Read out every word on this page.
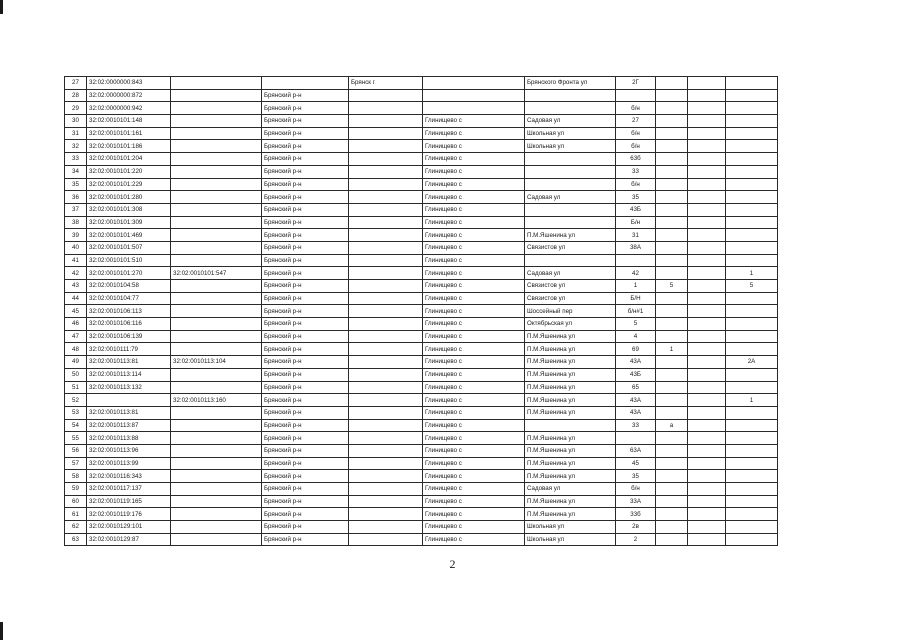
27	32:02:0000000:843			Брянск г		Брянского Фронта ул	2Г			
28	32:02:0000000:872		Брянский р-н							
29	32:02:0000000:942		Брянский р-н				б/н			
30	32:02:0010101:148		Брянский р-н		Глинищево с	Садовая ул	27			
31	32:02:0010101:161		Брянский р-н		Глинищево с	Школьная ул	б/н			
32	32:02:0010101:186		Брянский р-н		Глинищево с	Школьная ул	б/н			
33	32:02:0010101:204		Брянский р-н		Глинищево с		63б			
34	32:02:0010101:220		Брянский р-н		Глинищево с		33			
35	32:02:0010101:229		Брянский р-н		Глинищево с		б/н			
36	32:02:0010101:280		Брянский р-н		Глинищево с	Садовая ул	35			
37	32:02:0010101:308		Брянский р-н		Глинищево с		43Б			
38	32:02:0010101:309		Брянский р-н		Глинищево с		Б/н			
39	32:02:0010101:469		Брянский р-н		Глинищево с	П.М.Яшенина ул	31			
40	32:02:0010101:507		Брянский р-н		Глинищево с	Связистов ул	38А			
41	32:02:0010101:510		Брянский р-н		Глинищево с					
42	32:02:0010101:270	32:02:0010101:547	Брянский р-н		Глинищево с	Садовая ул	42			1
43	32:02:0010104:58		Брянский р-н		Глинищево с	Связистов ул	1	5		5
44	32:02:0010104:77		Брянский р-н		Глинищево с	Связистов ул	Б/Н			
45	32:02:0010106:113		Брянский р-н		Глинищево с	Шоссейный пер	б/н#1			
46	32:02:0010106:116		Брянский р-н		Глинищево с	Октябрьская ул	5			
47	32:02:0010106:139		Брянский р-н		Глинищево с	П.М.Яшенина ул	4			
48	32:02:0010111:79		Брянский р-н		Глинищево с	П.М.Яшенина ул	69	1		
49	32:02:0010113:81	32:02:0010113:104	Брянский р-н		Глинищево с	П.М.Яшенина ул	43А			2А
50	32:02:0010113:114		Брянский р-н		Глинищево с	П.М.Яшенина ул	43Б			
51	32:02:0010113:132		Брянский р-н		Глинищево с	П.М.Яшенина ул	65			
52		32:02:0010113:160	Брянский р-н		Глинищево с	П.М.Яшенина ул	43А			1
53	32:02:0010113:81		Брянский р-н		Глинищево с	П.М.Яшенина ул	43А			
54	32:02:0010113:87		Брянский р-н		Глинищево с		33	а		
55	32:02:0010113:88		Брянский р-н		Глинищево с	П.М.Яшенина ул				
56	32:02:0010113:96		Брянский р-н		Глинищево с	П.М.Яшенина ул	63А			
57	32:02:0010113:99		Брянский р-н		Глинищево с	П.М.Яшенина ул	45			
58	32:02:0010116:343		Брянский р-н		Глинищево с	П.М.Яшенина ул	35			
59	32:02:0010117:137		Брянский р-н		Глинищево с	Садовая ул	б/н			
60	32:02:0010119:165		Брянский р-н		Глинищево с	П.М.Яшенина ул	33А			
61	32:02:0010119:176		Брянский р-н		Глинищево с	П.М.Яшенина ул	33б			
62	32:02:0010129:101		Брянский р-н		Глинищево с	Школьная ул	2в			
63	32:02:0010129:87		Брянский р-н		Глинищево с	Школьная ул	2			
2
